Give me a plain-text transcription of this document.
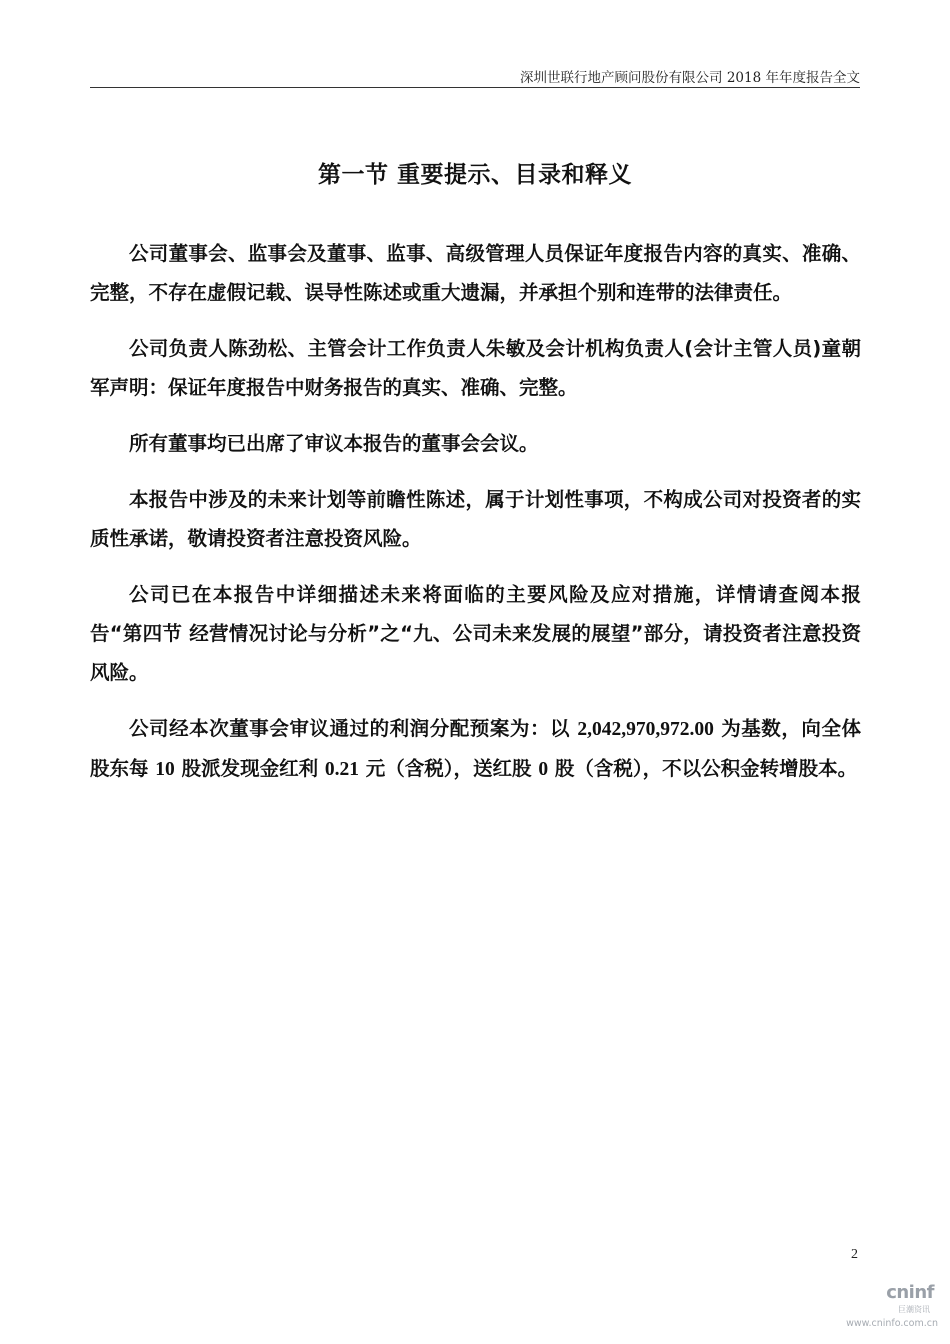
深圳世联行地产顾问股份有限公司 2018 年年度报告全文
第一节 重要提示、目录和释义

公司董事会、监事会及董事、监事、高级管理人员保证年度报告内容的真实、准确、完整，不存在虚假记载、误导性陈述或重大遗漏，并承担个别和连带的法律责任。

公司负责人陈劲松、主管会计工作负责人朱敏及会计机构负责人(会计主管人员)童朝军声明：保证年度报告中财务报告的真实、准确、完整。

所有董事均已出席了审议本报告的董事会会议。

本报告中涉及的未来计划等前瞻性陈述，属于计划性事项，不构成公司对投资者的实质性承诺，敬请投资者注意投资风险。

公司已在本报告中详细描述未来将面临的主要风险及应对措施，详情请查阅本报告“第四节 经营情况讨论与分析”之“九、公司未来发展的展望”部分，请投资者注意投资风险。

公司经本次董事会审议通过的利润分配预案为：以 2,042,970,972.00 为基数，向全体股东每 10 股派发现金红利 0.21 元（含税），送红股 0 股（含税），不以公积金转增股本。

2
cninf
巨潮资讯
www.cninfo.com.cn
